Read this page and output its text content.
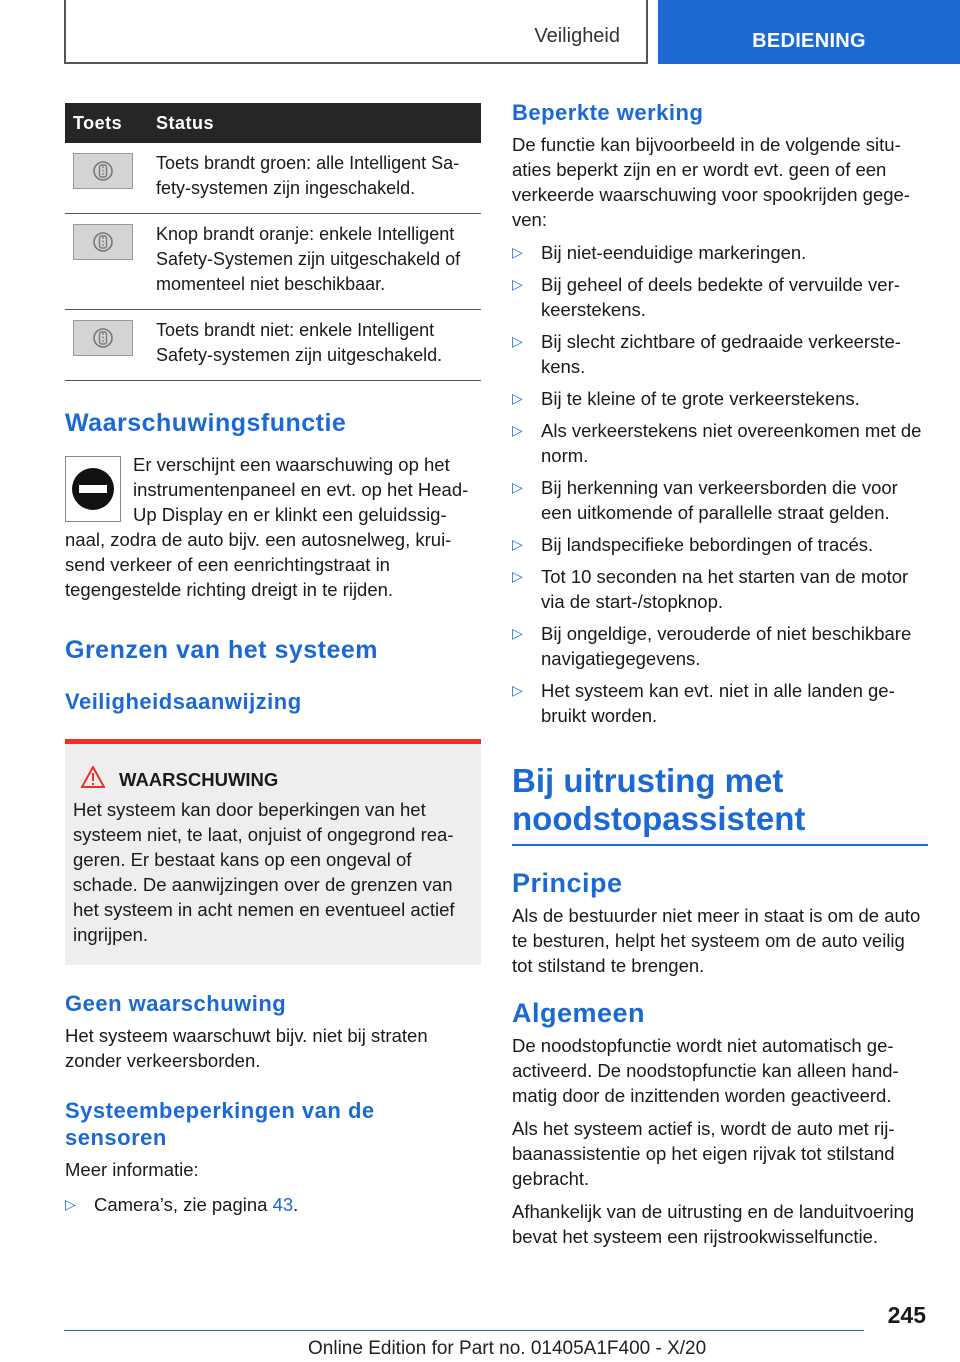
Veiligheid	BEDIENING
Toets	Status

	Toets brandt groen: alle Intelligent Sa-fety-systemen zijn ingeschakeld.

	Knop brandt oranje: enkele Intelligent Safety-Systemen zijn uitgeschakeld of momenteel niet beschikbaar.

	Toets brandt niet: enkele Intelligent Safety-systemen zijn uitgeschakeld.
Waarschuwingsfunctie

Er verschijnt een waarschuwing op het instrumentenpaneel en evt. op het Head-Up Display en er klinkt een geluidssig-naal, zodra de auto bijv. een autosnelweg, krui-send verkeer of een eenrichtingstraat in tegengestelde richting dreigt in te rijden.

Grenzen van het systeem
Veiligheidsaanwijzing
WAARSCHUWING

Het systeem kan door beperkingen van het systeem niet, te laat, onjuist of ongegrond rea-geren. Er bestaat kans op een ongeval of schade. De aanwijzingen over de grenzen van het systeem in acht nemen en eventueel actief ingrijpen.

Geen waarschuwing

Het systeem waarschuwt bijv. niet bij straten zonder verkeersborden.

Systeembeperkingen van de sensoren

Meer informatie:

▷ Camera’s, zie pagina 43.
Beperkte werking

De functie kan bijvoorbeeld in de volgende situ-aties beperkt zijn en er wordt evt. geen of een verkeerde waarschuwing voor spookrijden gege-ven:

▷ Bij niet-eenduidige markeringen.
▷ Bij geheel of deels bedekte of vervuilde ver-keerstekens.
▷ Bij slecht zichtbare of gedraaide verkeerste-kens.
▷ Bij te kleine of te grote verkeerstekens.
▷ Als verkeerstekens niet overeenkomen met de norm.
▷ Bij herkenning van verkeersborden die voor een uitkomende of parallelle straat gelden.
▷ Bij landspecifieke bebordingen of tracés.
▷ Tot 10 seconden na het starten van de motor via de start-/stopknop.
▷ Bij ongeldige, verouderde of niet beschikbare navigatiegegevens.
▷ Het systeem kan evt. niet in alle landen ge-bruikt worden.
Bij uitrusting met noodstopassistent
Principe

Als de bestuurder niet meer in staat is om de auto te besturen, helpt het systeem om de auto veilig tot stilstand te brengen.

Algemeen

De noodstopfunctie wordt niet automatisch ge-activeerd. De noodstopfunctie kan alleen hand-matig door de inzittenden worden geactiveerd.

Als het systeem actief is, wordt de auto met rij-baanassistentie op het eigen rijvak tot stilstand gebracht.

Afhankelijk van de uitrusting en de landuitvoering bevat het systeem een rijstrookwisselfunctie.

245
Online Edition for Part no. 01405A1F400 - X/20
